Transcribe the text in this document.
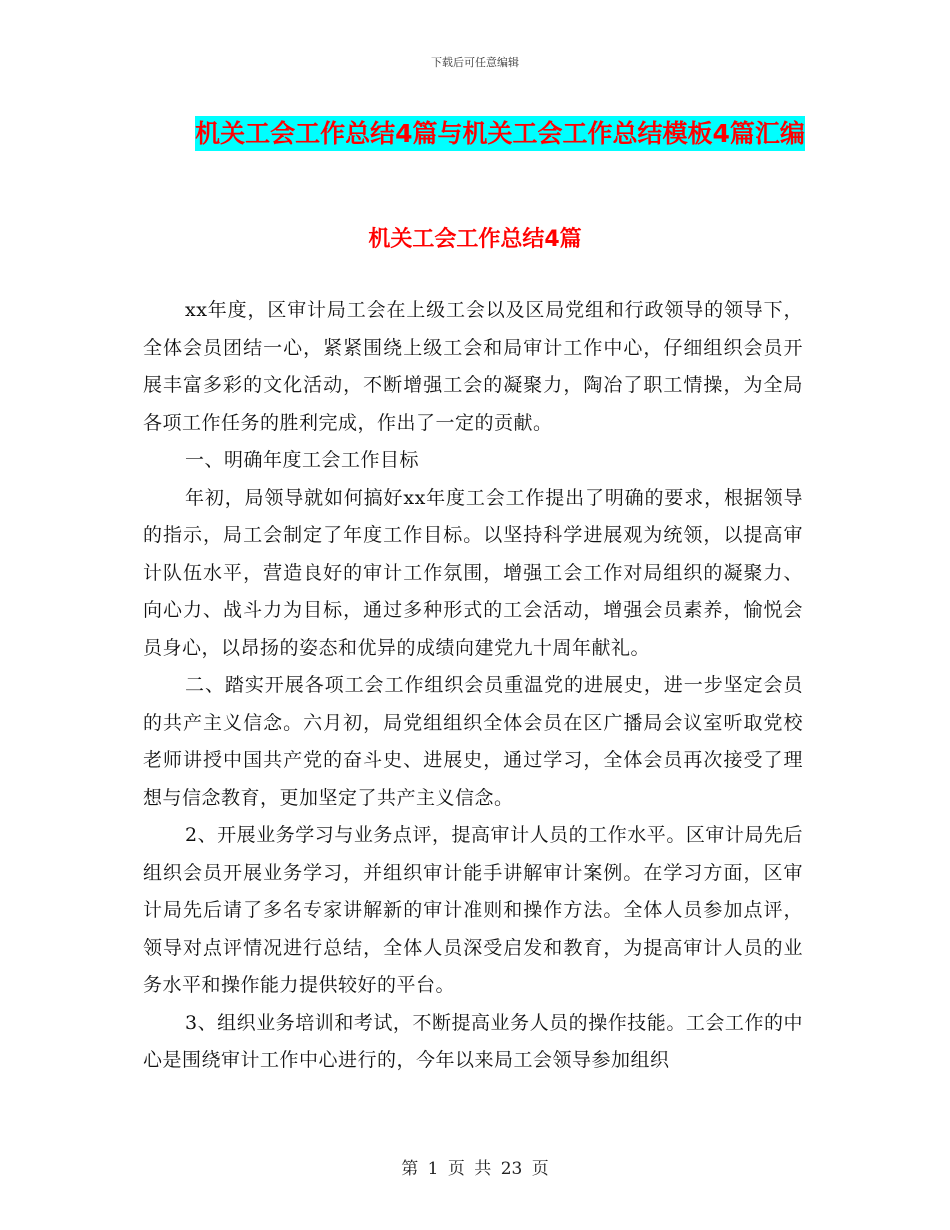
下载后可任意编辑
机关工会工作总结4篇与机关工会工作总结模板4篇汇编
机关工会工作总结4篇

xx年度，区审计局工会在上级工会以及区局党组和行政领导的领导下，全体会员团结一心，紧紧围绕上级工会和局审计工作中心，仔细组织会员开展丰富多彩的文化活动，不断增强工会的凝聚力，陶冶了职工情操，为全局各项工作任务的胜利完成，作出了一定的贡献。

一、明确年度工会工作目标

年初，局领导就如何搞好xx年度工会工作提出了明确的要求，根据领导的指示，局工会制定了年度工作目标。以坚持科学进展观为统领，以提高审计队伍水平，营造良好的审计工作氛围，增强工会工作对局组织的凝聚力、向心力、战斗力为目标，通过多种形式的工会活动，增强会员素养，愉悦会员身心，以昂扬的姿态和优异的成绩向建党九十周年献礼。

二、踏实开展各项工会工作组织会员重温党的进展史，进一步坚定会员的共产主义信念。六月初，局党组组织全体会员在区广播局会议室听取党校老师讲授中国共产党的奋斗史、进展史，通过学习，全体会员再次接受了理想与信念教育，更加坚定了共产主义信念。

2、开展业务学习与业务点评，提高审计人员的工作水平。区审计局先后组织会员开展业务学习，并组织审计能手讲解审计案例。在学习方面，区审计局先后请了多名专家讲解新的审计准则和操作方法。全体人员参加点评，领导对点评情况进行总结，全体人员深受启发和教育，为提高审计人员的业务水平和操作能力提供较好的平台。

3、组织业务培训和考试，不断提高业务人员的操作技能。工会工作的中心是围绕审计工作中心进行的，今年以来局工会领导参加组织

第 1 页 共 23 页
